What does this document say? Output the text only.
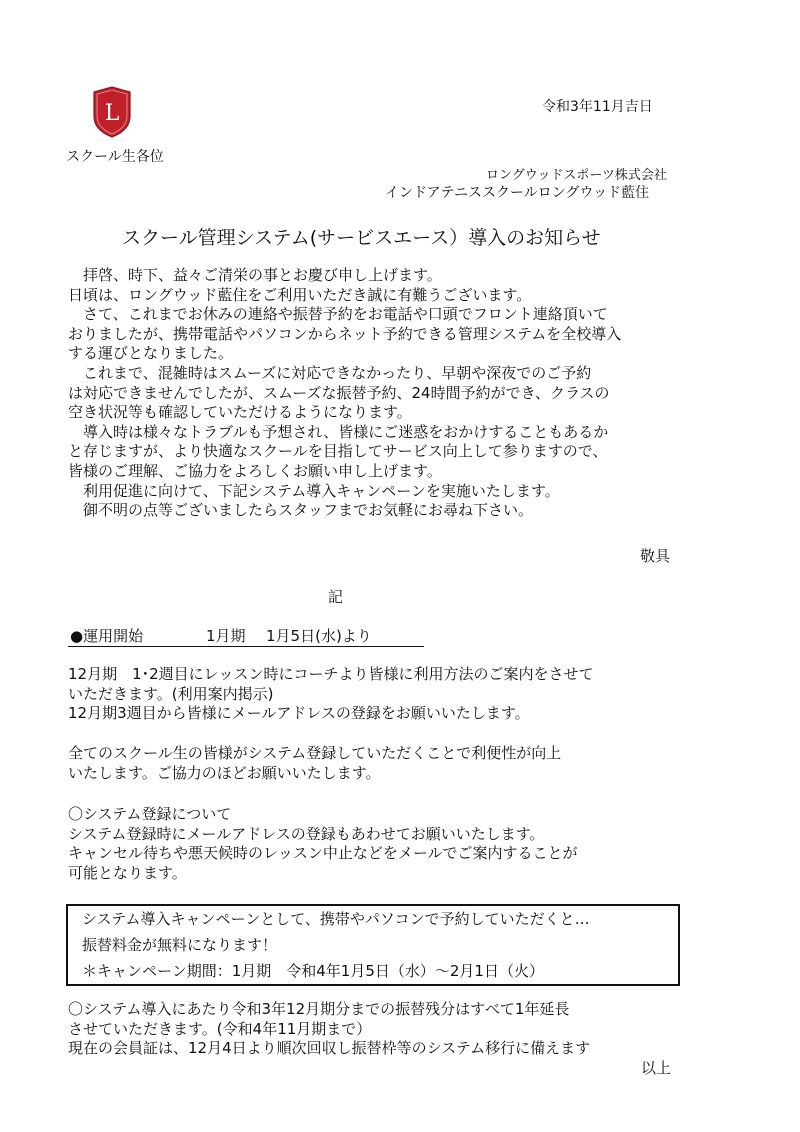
L	令和3年11月吉日
スクール生各位
ロングウッドスポーツ株式会社
インドアテニススクールロングウッド藍住
スクール管理システム(サービスエース）導入のお知らせ
　拝啓、時下、益々ご清栄の事とお慶び申し上げます。
日頃は、ロングウッド藍住をご利用いただき誠に有難うございます。
　さて、これまでお休みの連絡や振替予約をお電話や口頭でフロント連絡頂いて
おりましたが、携帯電話やパソコンからネット予約できる管理システムを全校導入
する運びとなりました。
　これまで、混雑時はスムーズに対応できなかったり、早朝や深夜でのご予約
は対応できませんでしたが、スムーズな振替予約、24時間予約ができ、クラスの
空き状況等も確認していただけるようになります。
　導入時は様々なトラブルも予想され、皆様にご迷惑をおかけすることもあるか
と存じますが、より快適なスクールを目指してサービス向上して参りますので、
皆様のご理解、ご協力をよろしくお願い申し上げます。
　利用促進に向けて、下記システム導入キャンペーンを実施いたします。
　御不明の点等ございましたらスタッフまでお気軽にお尋ね下さい。
敬具
記
●運用開始	1月期 1月5日(水)より
12月期　1･2週目にレッスン時にコーチより皆様に利用方法のご案内をさせて
いただきます。(利用案内掲示)
12月期3週目から皆様にメールアドレスの登録をお願いいたします。
全てのスクール生の皆様がシステム登録していただくことで利便性が向上
いたします。ご協力のほどお願いいたします。
〇システム登録について
システム登録時にメールアドレスの登録もあわせてお願いいたします。
キャンセル待ちや悪天候時のレッスン中止などをメールでご案内することが
可能となります。
システム導入キャンペーンとして、携帯やパソコンで予約していただくと…
振替料金が無料になります！
＊キャンペーン期間：1月期　令和4年1月5日（水）～2月1日（火）
〇システム導入にあたり令和3年12月期分までの振替残分はすべて1年延長
させていただきます。(令和4年11月期まで）
現在の会員証は、12月4日より順次回収し振替枠等のシステム移行に備えます
以上
